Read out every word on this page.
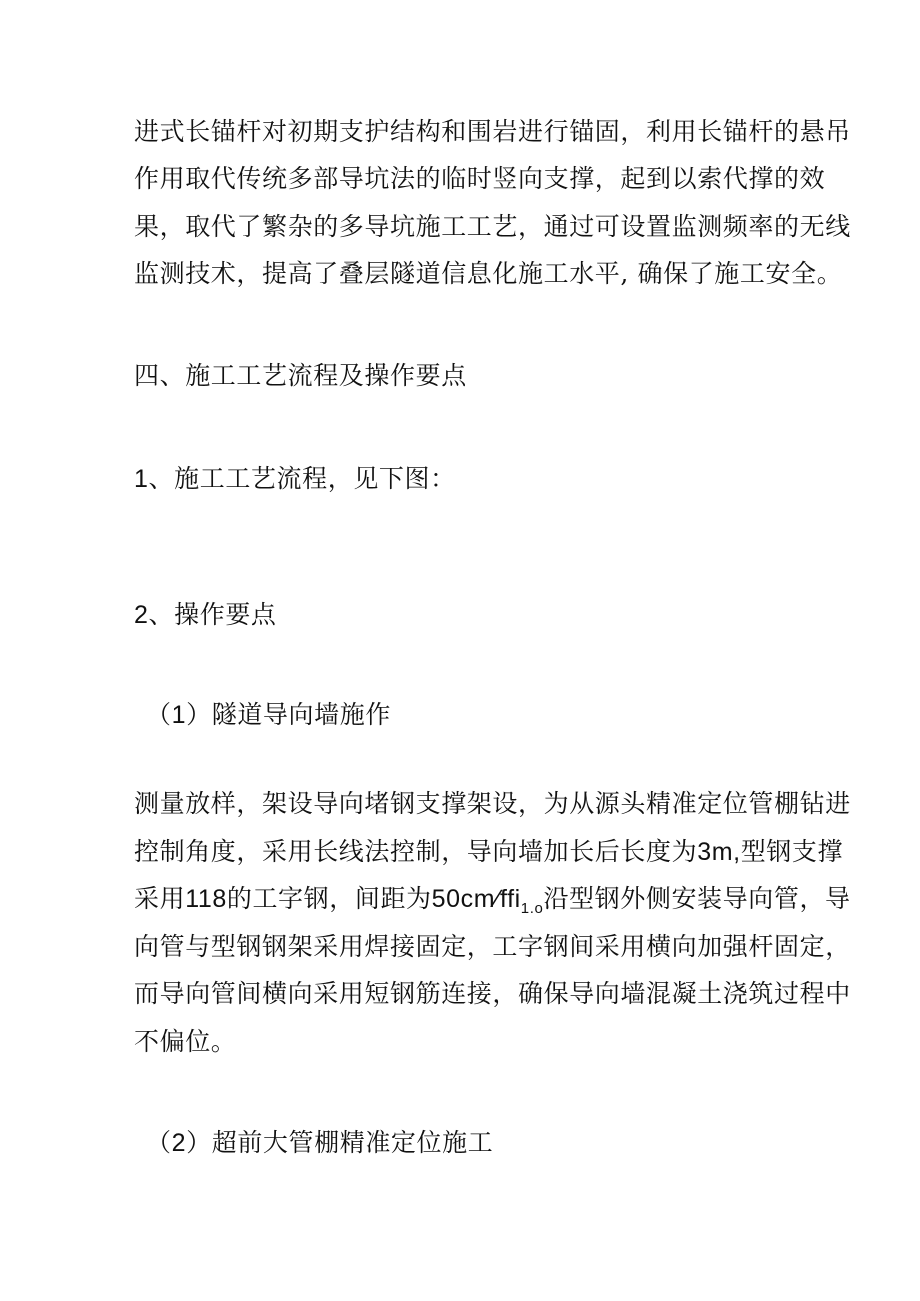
进式长锚杆对初期支护结构和围岩进行锚固，利用长锚杆的悬吊
作用取代传统多部导坑法的临时竖向支撑，起到以索代撑的效
果，取代了繁杂的多导坑施工工艺，通过可设置监测频率的无线
监测技术，提高了叠层隧道信息化施工水平, 确保了施工安全。
四、施工工艺流程及操作要点
1、施工工艺流程，见下图：
2、操作要点
（1）隧道导向墙施作
测量放样，架设导向堵钢支撑架设，为从源头精准定位管棚钻进
控制角度，采用长线法控制，导向墙加长后长度为3m,型钢支撑
采用118的工字钢，间距为50cm∕ffi$_{1.o}$沿型钢外侧安装导向管，导
向管与型钢钢架采用焊接固定，工字钢间采用横向加强杆固定，
而导向管间横向采用短钢筋连接，确保导向墙混凝土浇筑过程中
不偏位。
（2）超前大管棚精准定位施工
